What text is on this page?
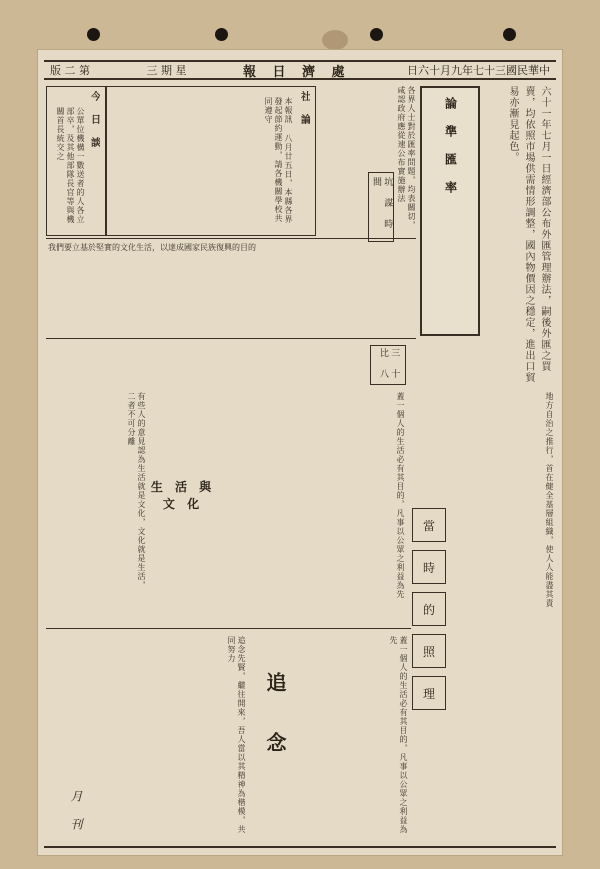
版 二 第	三 期 星	報 日 濟 處	日六十月九年七十三國民華中
今 日 談
公單位機構一數送者的人各立部卒，及其他部隊長官等與機關首長統交之	社 論
本報訊 八月廿五日，本縣各界發起節約運動，請各機關學校共同遵守	各界人士對於匯率問題，均表關切，咸認政府應從速公布實施辦法	論 準 匯 率	六十一年七月一日經濟部公布外匯管理辦法，嗣後外匯之買賣，均依照市場供需情形調整，國內物價因之穩定，進出口貿易亦漸見起色。
坑 謀 時 間
三 十 比 八
我們要立基於堅實的文化生活，以達成國家民族復興的目的
有些人的意見認為生活就是文化，文化就是生活，二者不可分離
生 活 與 文 化	蓋一個人的生活必有其目的，凡事以公眾之利益為先 當
時
的
照
理
地方自治之推行，首在健全基層組織，使人人能盡其責
追念先賢，繼往開來，吾人當以其精神為楷模，共同努力
追 念	蓋一個人的生活必有其目的，凡事以公眾之利益為先
月 刊
